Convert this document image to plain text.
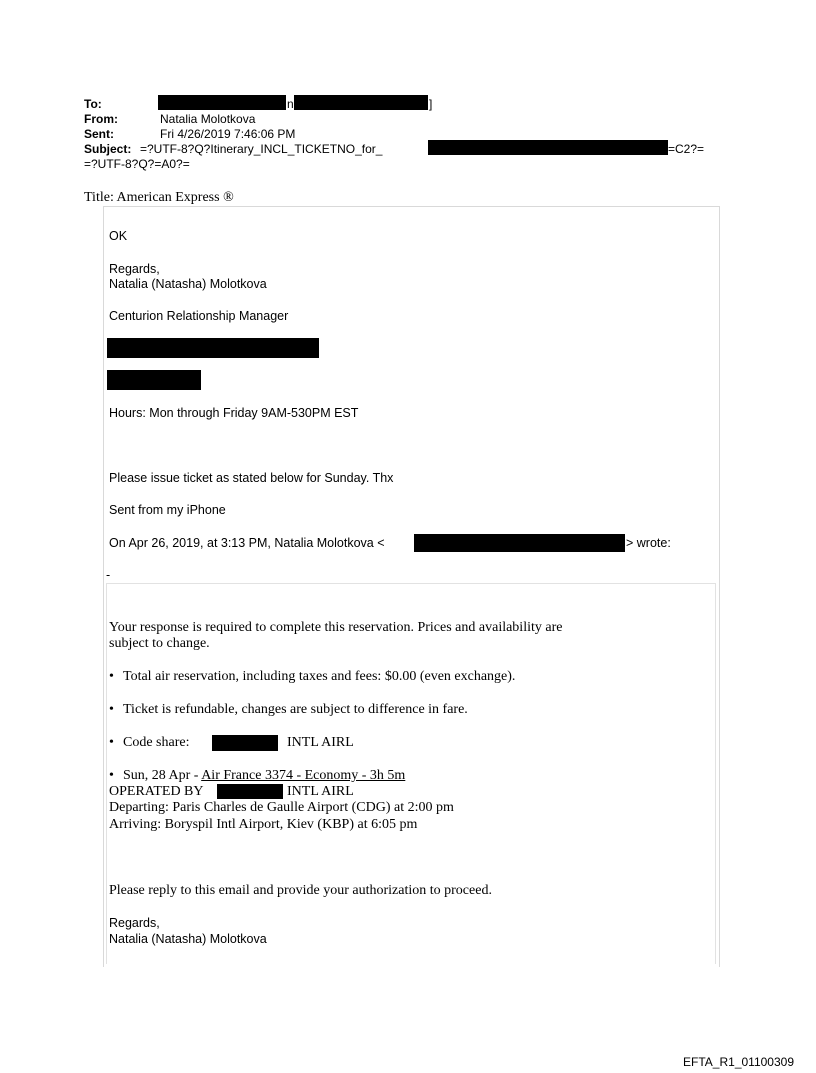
To:	n	]
From:	Natalia Molotkova
Sent:	Fri 4/26/2019 7:46:06 PM
Subject: =?UTF-8?Q?Itinerary_INCL_TICKETNO_for_	=C2?=
=?UTF-8?Q?=A0?=
Title: American Express ®
OK
Regards,
Natalia (Natasha) Molotkova
Centurion Relationship Manager
Hours: Mon through Friday 9AM-530PM EST
Please issue ticket as stated below for Sunday. Thx
Sent from my iPhone
On Apr 26, 2019, at 3:13 PM, Natalia Molotkova <	> wrote:
-
Your response is required to complete this reservation. Prices and availability are
subject to change.
• Total air reservation, including taxes and fees: $0.00 (even exchange).
• Ticket is refundable, changes are subject to difference in fare.
• Code share:	INTL AIRL
• Sun, 28 Apr - Air France 3374 - Economy - 3h 5m
OPERATED BY	INTL AIRL
Departing: Paris Charles de Gaulle Airport (CDG) at 2:00 pm
Arriving: Boryspil Intl Airport, Kiev (KBP) at 6:05 pm
Please reply to this email and provide your authorization to proceed.
Regards,
Natalia (Natasha) Molotkova
EFTA_R1_01100309
